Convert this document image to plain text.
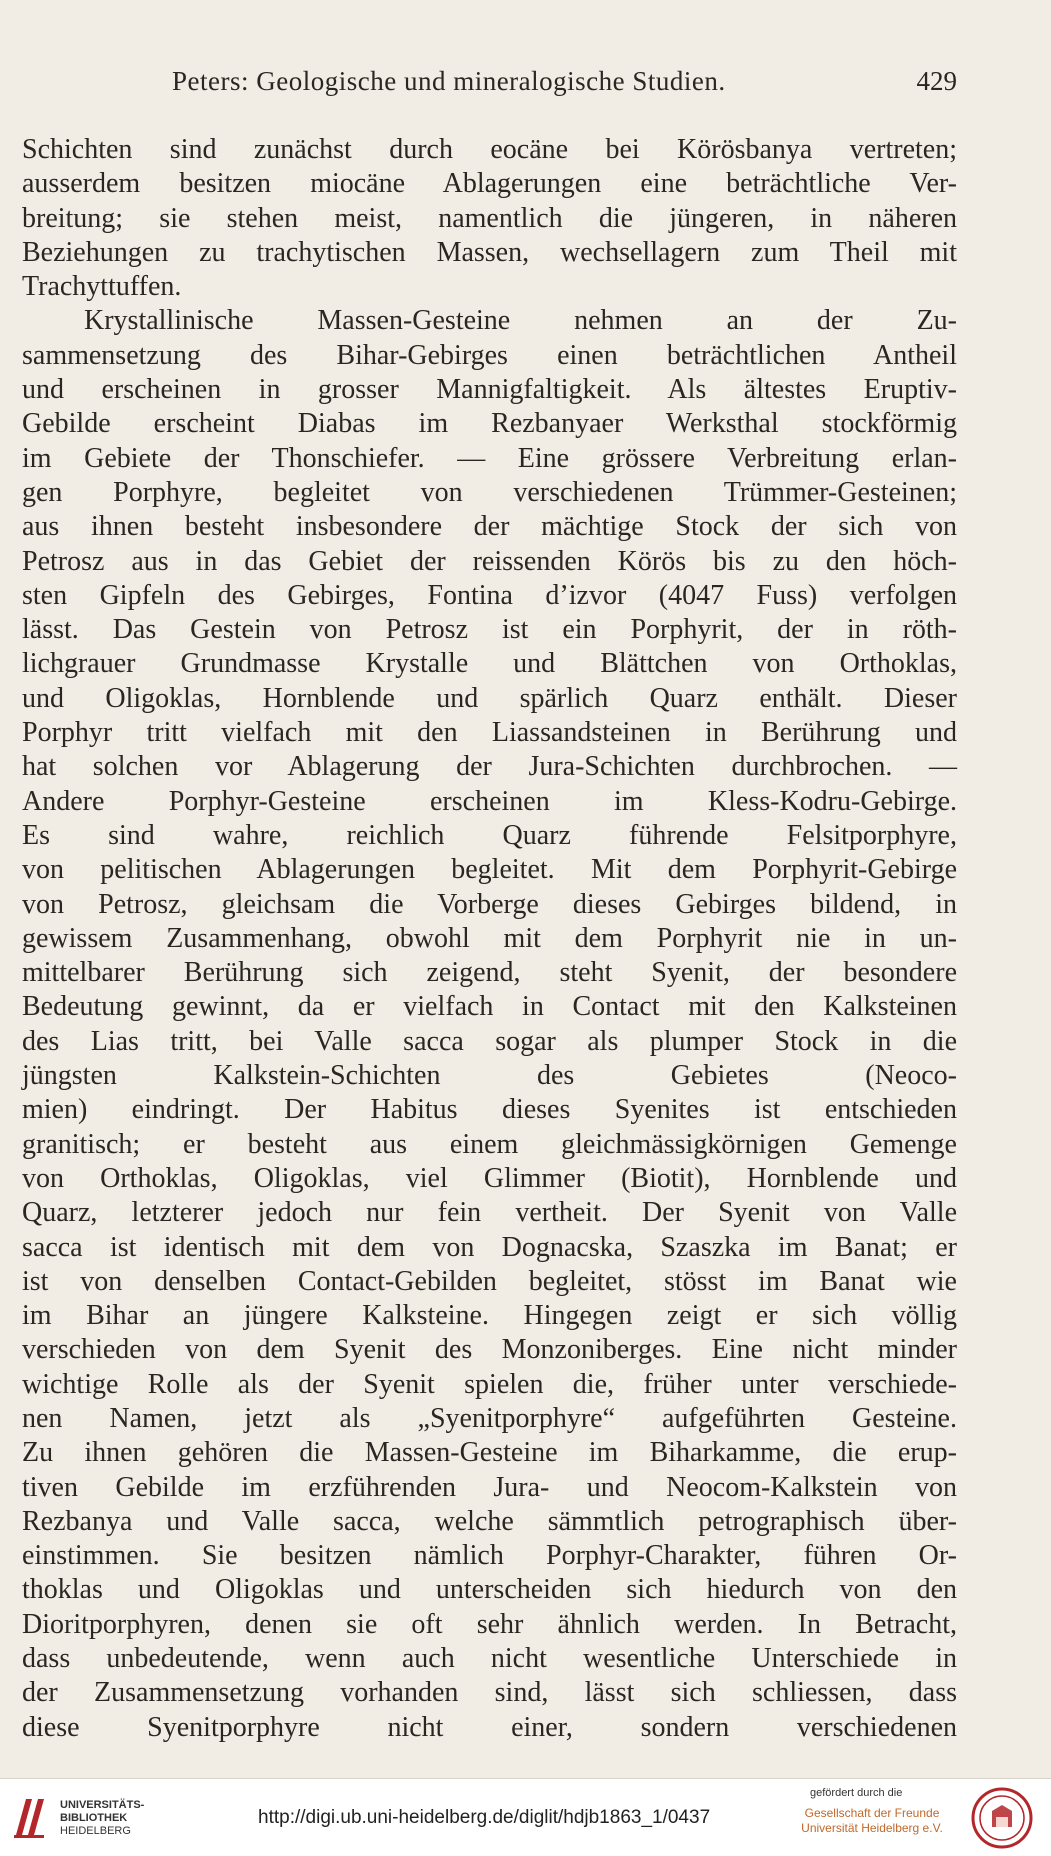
Peters: Geologische und mineralogische Studien.	429
Schichten sind zunächst durch eocäne bei Körösbanya vertreten;
ausserdem besitzen miocäne Ablagerungen eine beträchtliche Ver-
breitung; sie stehen meist, namentlich die jüngeren, in näheren
Beziehungen zu trachytischen Massen, wechsellagern zum Theil mit
Trachyttuffen.
Krystallinische Massen-Gesteine nehmen an der Zu-
sammensetzung des Bihar-Gebirges einen beträchtlichen Antheil
und erscheinen in grosser Mannigfaltigkeit. Als ältestes Eruptiv-
Gebilde erscheint Diabas im Rezbanyaer Werksthal stockförmig
im Gebiete der Thonschiefer. — Eine grössere Verbreitung erlan-
gen Porphyre, begleitet von verschiedenen Trümmer-Gesteinen;
aus ihnen besteht insbesondere der mächtige Stock der sich von
Petrosz aus in das Gebiet der reissenden Körös bis zu den höch-
sten Gipfeln des Gebirges, Fontina d’izvor (4047 Fuss) verfolgen
lässt. Das Gestein von Petrosz ist ein Porphyrit, der in röth-
lichgrauer Grundmasse Krystalle und Blättchen von Orthoklas,
und Oligoklas, Hornblende und spärlich Quarz enthält. Dieser
Porphyr tritt vielfach mit den Liassandsteinen in Berührung und
hat solchen vor Ablagerung der Jura-Schichten durchbrochen. —
Andere Porphyr-Gesteine erscheinen im Kless-Kodru-Gebirge.
Es sind wahre, reichlich Quarz führende Felsitporphyre,
von pelitischen Ablagerungen begleitet. Mit dem Porphyrit-Gebirge
von Petrosz, gleichsam die Vorberge dieses Gebirges bildend, in
gewissem Zusammenhang, obwohl mit dem Porphyrit nie in un-
mittelbarer Berührung sich zeigend, steht Syenit, der besondere
Bedeutung gewinnt, da er vielfach in Contact mit den Kalksteinen
des Lias tritt, bei Valle sacca sogar als plumper Stock in die
jüngsten Kalkstein-Schichten des Gebietes (Neoco-
mien) eindringt. Der Habitus dieses Syenites ist entschieden
granitisch; er besteht aus einem gleichmässigkörnigen Gemenge
von Orthoklas, Oligoklas, viel Glimmer (Biotit), Hornblende und
Quarz, letzterer jedoch nur fein vertheit. Der Syenit von Valle
sacca ist identisch mit dem von Dognacska, Szaszka im Banat; er
ist von denselben Contact-Gebilden begleitet, stösst im Banat wie
im Bihar an jüngere Kalksteine. Hingegen zeigt er sich völlig
verschieden von dem Syenit des Monzoniberges. Eine nicht minder
wichtige Rolle als der Syenit spielen die, früher unter verschiede-
nen Namen, jetzt als „Syenitporphyre“ aufgeführten Gesteine.
Zu ihnen gehören die Massen-Gesteine im Biharkamme, die erup-
tiven Gebilde im erzführenden Jura- und Neocom-Kalkstein von
Rezbanya und Valle sacca, welche sämmtlich petrographisch über-
einstimmen. Sie besitzen nämlich Porphyr-Charakter, führen Or-
thoklas und Oligoklas und unterscheiden sich hiedurch von den
Dioritporphyren, denen sie oft sehr ähnlich werden. In Betracht,
dass unbedeutende, wenn auch nicht wesentliche Unterschiede in
der Zusammensetzung vorhanden sind, lässt sich schliessen, dass
diese Syenitporphyre nicht einer, sondern verschiedenen
UNIVERSITÄTS-
BIBLIOTHEK
HEIDELBERG
http://digi.ub.uni-heidelberg.de/diglit/hdjb1863_1/0437
gefördert durch die
Gesellschaft der Freunde
Universität Heidelberg e.V.
